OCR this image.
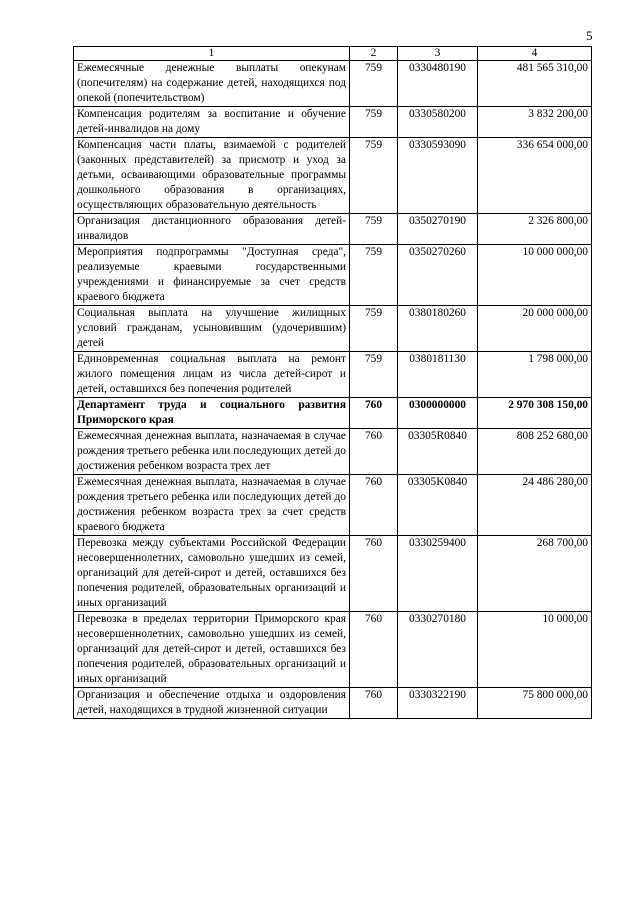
5
1	2	3	4
Ежемесячные денежные выплаты опекунам (попечителям) на содержание детей, находящихся под опекой (попечительством)	759	0330480190	481 565 310,00
Компенсация родителям за воспитание и обучение детей-инвалидов на дому	759	0330580200	3 832 200,00
Компенсация части платы, взимаемой с родителей (законных представителей) за присмотр и уход за детьми, осваивающими образовательные программы дошкольного образования в организациях, осуществляющих образовательную деятельность	759	0330593090	336 654 000,00
Организация дистанционного образования детей-инвалидов	759	0350270190	2 326 800,00
Мероприятия подпрограммы "Доступная среда", реализуемые краевыми государственными учреждениями и финансируемые за счет средств краевого бюджета	759	0350270260	10 000 000,00
Социальная выплата на улучшение жилищных условий гражданам, усыновившим (удочерившим) детей	759	0380180260	20 000 000,00
Единовременная социальная выплата на ремонт жилого помещения лицам из числа детей-сирот и детей, оставшихся без попечения родителей	759	0380181130	1 798 000,00
Департамент труда и социального развития Приморского края	760	0300000000	2 970 308 150,00
Ежемесячная денежная выплата, назначаемая в случае рождения третьего ребенка или последующих детей до достижения ребенком возраста трех лет	760	03305R0840	808 252 680,00
Ежемесячная денежная выплата, назначаемая в случае рождения третьего ребенка или последующих детей до достижения ребенком возраста трех за счет средств краевого бюджета	760	03305K0840	24 486 280,00
Перевозка между субъектами Российской Федерации несовершеннолетних, самовольно ушедших из семей, организаций для детей-сирот и детей, оставшихся без попечения родителей, образовательных организаций и иных организаций	760	0330259400	268 700,00
Перевозка в пределах территории Приморского края несовершеннолетних, самовольно ушедших из семей, организаций для детей-сирот и детей, оставшихся без попечения родителей, образовательных организаций и иных организаций	760	0330270180	10 000,00
Организация и обеспечение отдыха и оздоровления детей, находящихся в трудной жизненной ситуации	760	0330322190	75 800 000,00
